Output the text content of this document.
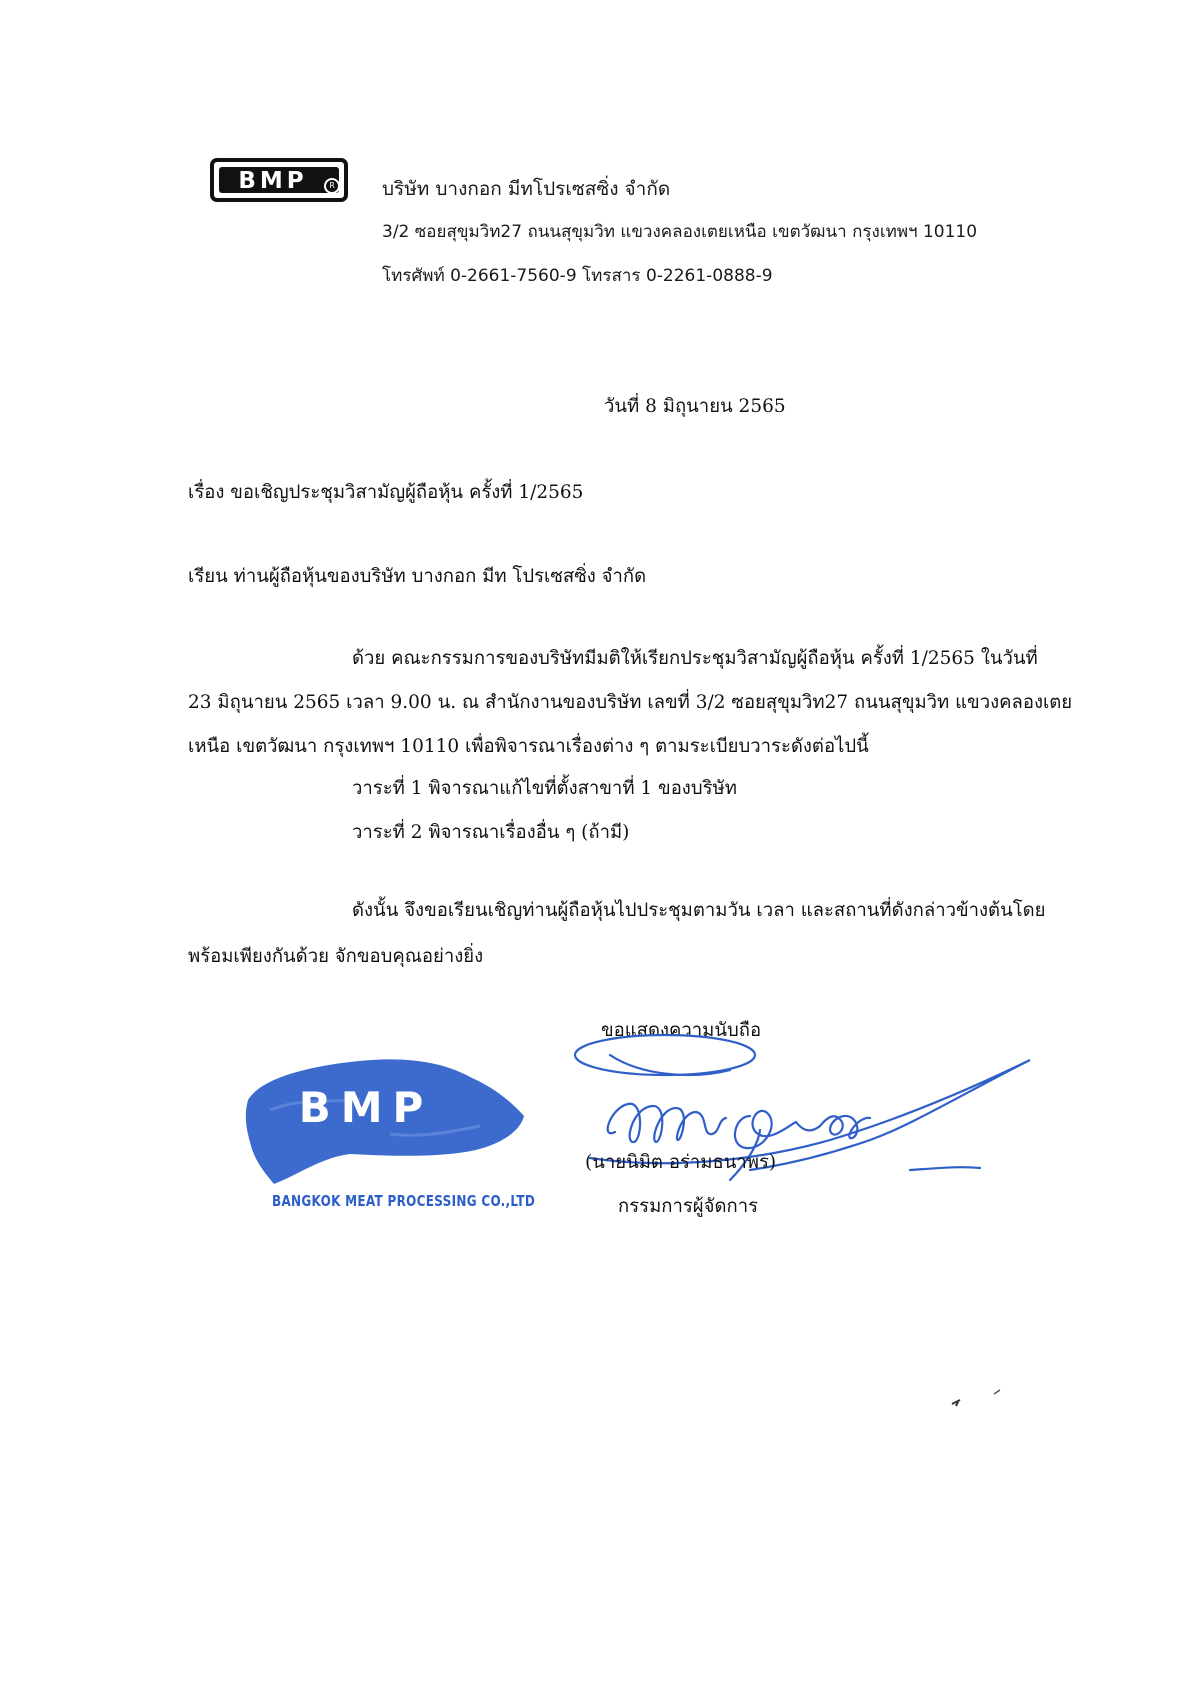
BMP	R บริษัท บางกอก มีทโปรเซสซิ่ง จำกัด
3/2 ซอยสุขุมวิท27 ถนนสุขุมวิท แขวงคลองเตยเหนือ เขตวัฒนา กรุงเทพฯ 10110
โทรศัพท์ 0-2661-7560-9 โทรสาร 0-2261-0888-9
วันที่ 8 มิถุนายน 2565
เรื่อง ขอเชิญประชุมวิสามัญผู้ถือหุ้น ครั้งที่ 1/2565
เรียน ท่านผู้ถือหุ้นของบริษัท บางกอก มีท โปรเซสซิ่ง จำกัด
ด้วย คณะกรรมการของบริษัทมีมติให้เรียกประชุมวิสามัญผู้ถือหุ้น ครั้งที่ 1/2565 ในวันที่
23 มิถุนายน 2565 เวลา 9.00 น. ณ สำนักงานของบริษัท เลขที่ 3/2 ซอยสุขุมวิท27 ถนนสุขุมวิท แขวงคลองเตย
เหนือ เขตวัฒนา กรุงเทพฯ 10110 เพื่อพิจารณาเรื่องต่าง ๆ ตามระเบียบวาระดังต่อไปนี้
วาระที่ 1 พิจารณาแก้ไขที่ตั้งสาขาที่ 1 ของบริษัท
วาระที่ 2 พิจารณาเรื่องอื่น ๆ (ถ้ามี)
ดังนั้น จึงขอเรียนเชิญท่านผู้ถือหุ้นไปประชุมตามวัน เวลา และสถานที่ดังกล่าวข้างต้นโดย
พร้อมเพียงกันด้วย จักขอบคุณอย่างยิ่ง
BMP
BANGKOK MEAT PROCESSING CO.,LTD
ขอแสดงความนับถือ
(นายนิมิต อร่ามธนาพร)
กรรมการผู้จัดการ
